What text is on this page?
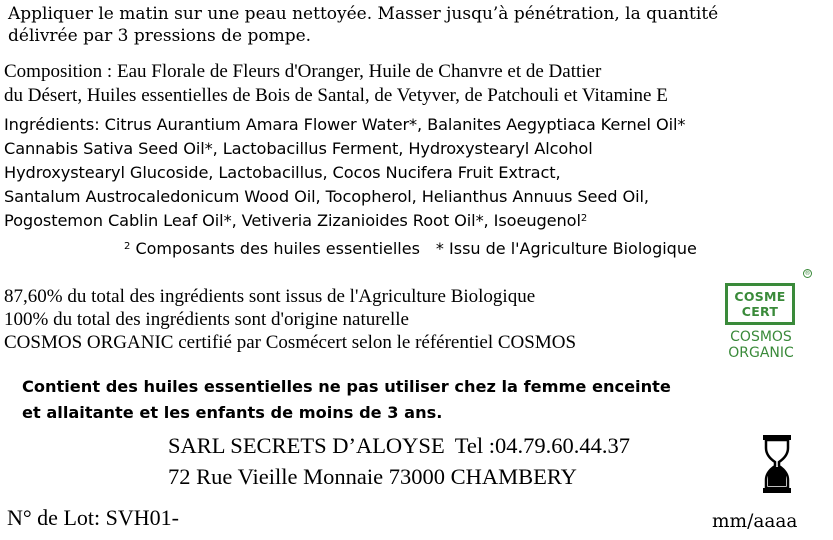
Appliquer le matin sur une peau nettoyée. Masser jusqu’à pénétration, la quantité
délivrée par 3 pressions de pompe.
Composition : Eau Florale de Fleurs d'Oranger, Huile de Chanvre et de Dattier
du Désert, Huiles essentielles de Bois de Santal, de Vetyver, de Patchouli et Vitamine E
Ingrédients: Citrus Aurantium Amara Flower Water*, Balanites Aegyptiaca Kernel Oil*
Cannabis Sativa Seed Oil*, Lactobacillus Ferment, Hydroxystearyl Alcohol
Hydroxystearyl Glucoside, Lactobacillus, Cocos Nucifera Fruit Extract,
Santalum Austrocaledonicum Wood Oil, Tocopherol, Helianthus Annuus Seed Oil,
Pogostemon Cablin Leaf Oil*, Vetiveria Zizanioides Root Oil*, Isoeugenol$^2$
$^2$ Composants des huiles essentielles * Issu de l'Agriculture Biologique
87,60% du total des ingrédients sont issus de l'Agriculture Biologique
100% du total des ingrédients sont d'origine naturelle
COSMOS ORGANIC certifié par Cosmécert selon le référentiel COSMOS
®
COSME
CERT
COSMOS
ORGANIC
Contient des huiles essentielles ne pas utiliser chez la femme enceinte
et allaitante et les enfants de moins de 3 ans.
SARL SECRETS D’ALOYSE Tel :04.79.60.44.37
72 Rue Vieille Monnaie 73000 CHAMBERY
N° de Lot: SVH01-	mm/aaaa
